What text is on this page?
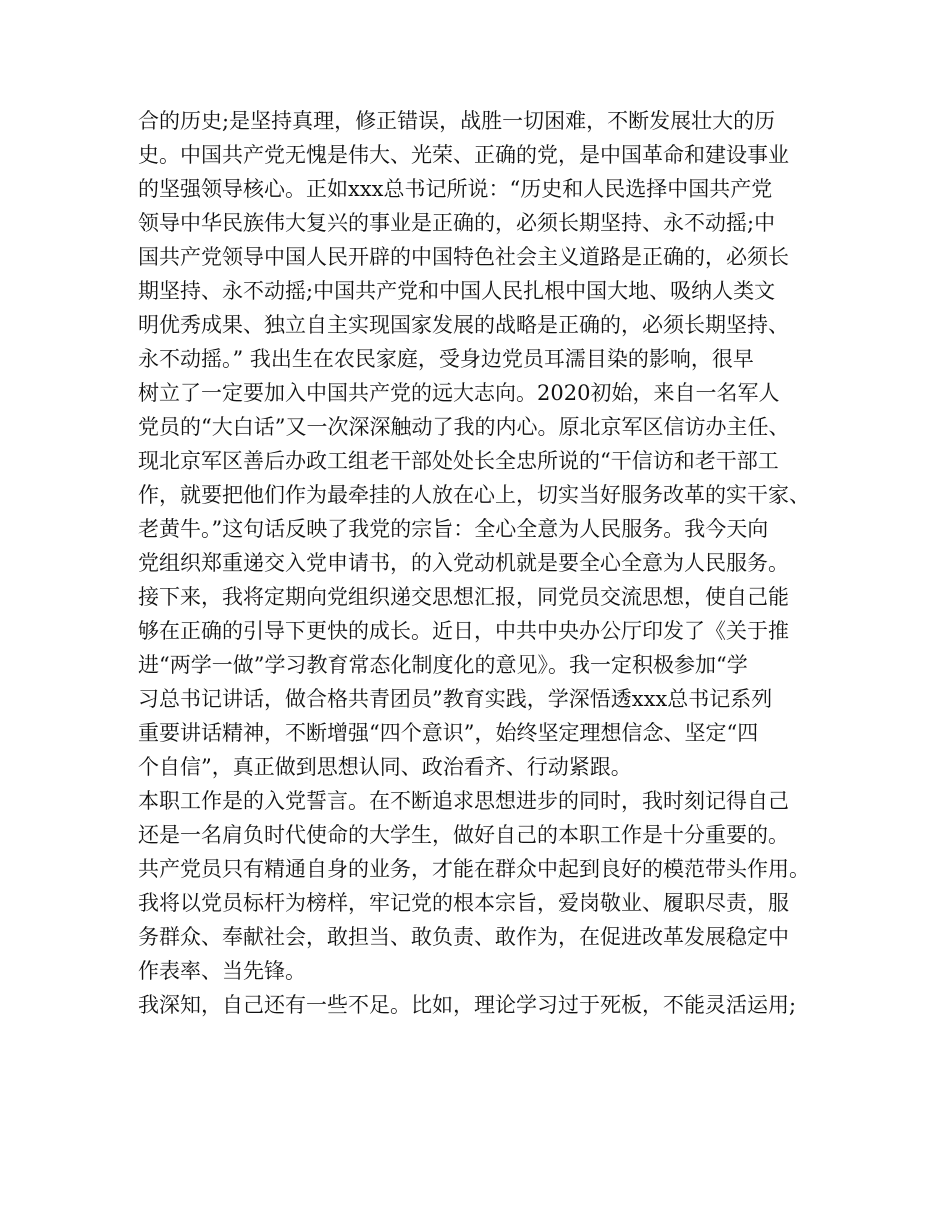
合的历史;是坚持真理，修正错误，战胜一切困难，不断发展壮大的历
史。中国共产党无愧是伟大、光荣、正确的党，是中国革命和建设事业
的坚强领导核心。正如xxx总书记所说：“历史和人民选择中国共产党
领导中华民族伟大复兴的事业是正确的，必须长期坚持、永不动摇;中
国共产党领导中国人民开辟的中国特色社会主义道路是正确的，必须长
期坚持、永不动摇;中国共产党和中国人民扎根中国大地、吸纳人类文
明优秀成果、独立自主实现国家发展的战略是正确的，必须长期坚持、
永不动摇。” 我出生在农民家庭，受身边党员耳濡目染的影响，很早
树立了一定要加入中国共产党的远大志向。2020初始，来自一名军人
党员的“大白话”又一次深深触动了我的内心。原北京军区信访办主任、
现北京军区善后办政工组老干部处处长全忠所说的“干信访和老干部工
作，就要把他们作为最牵挂的人放在心上，切实当好服务改革的实干家、
老黄牛。”这句话反映了我党的宗旨：全心全意为人民服务。我今天向
党组织郑重递交入党申请书，的入党动机就是要全心全意为人民服务。
接下来，我将定期向党组织递交思想汇报，同党员交流思想，使自己能
够在正确的引导下更快的成长。近日，中共中央办公厅印发了《关于推
进“两学一做”学习教育常态化制度化的意见》。我一定积极参加“学
习总书记讲话，做合格共青团员”教育实践，学深悟透xxx总书记系列
重要讲话精神，不断增强“四个意识”，始终坚定理想信念、坚定“四
个自信”，真正做到思想认同、政治看齐、行动紧跟。
本职工作是的入党誓言。在不断追求思想进步的同时，我时刻记得自己
还是一名肩负时代使命的大学生，做好自己的本职工作是十分重要的。
共产党员只有精通自身的业务，才能在群众中起到良好的模范带头作用。
我将以党员标杆为榜样，牢记党的根本宗旨，爱岗敬业、履职尽责，服
务群众、奉献社会，敢担当、敢负责、敢作为，在促进改革发展稳定中
作表率、当先锋。
我深知，自己还有一些不足。比如，理论学习过于死板，不能灵活运用;
